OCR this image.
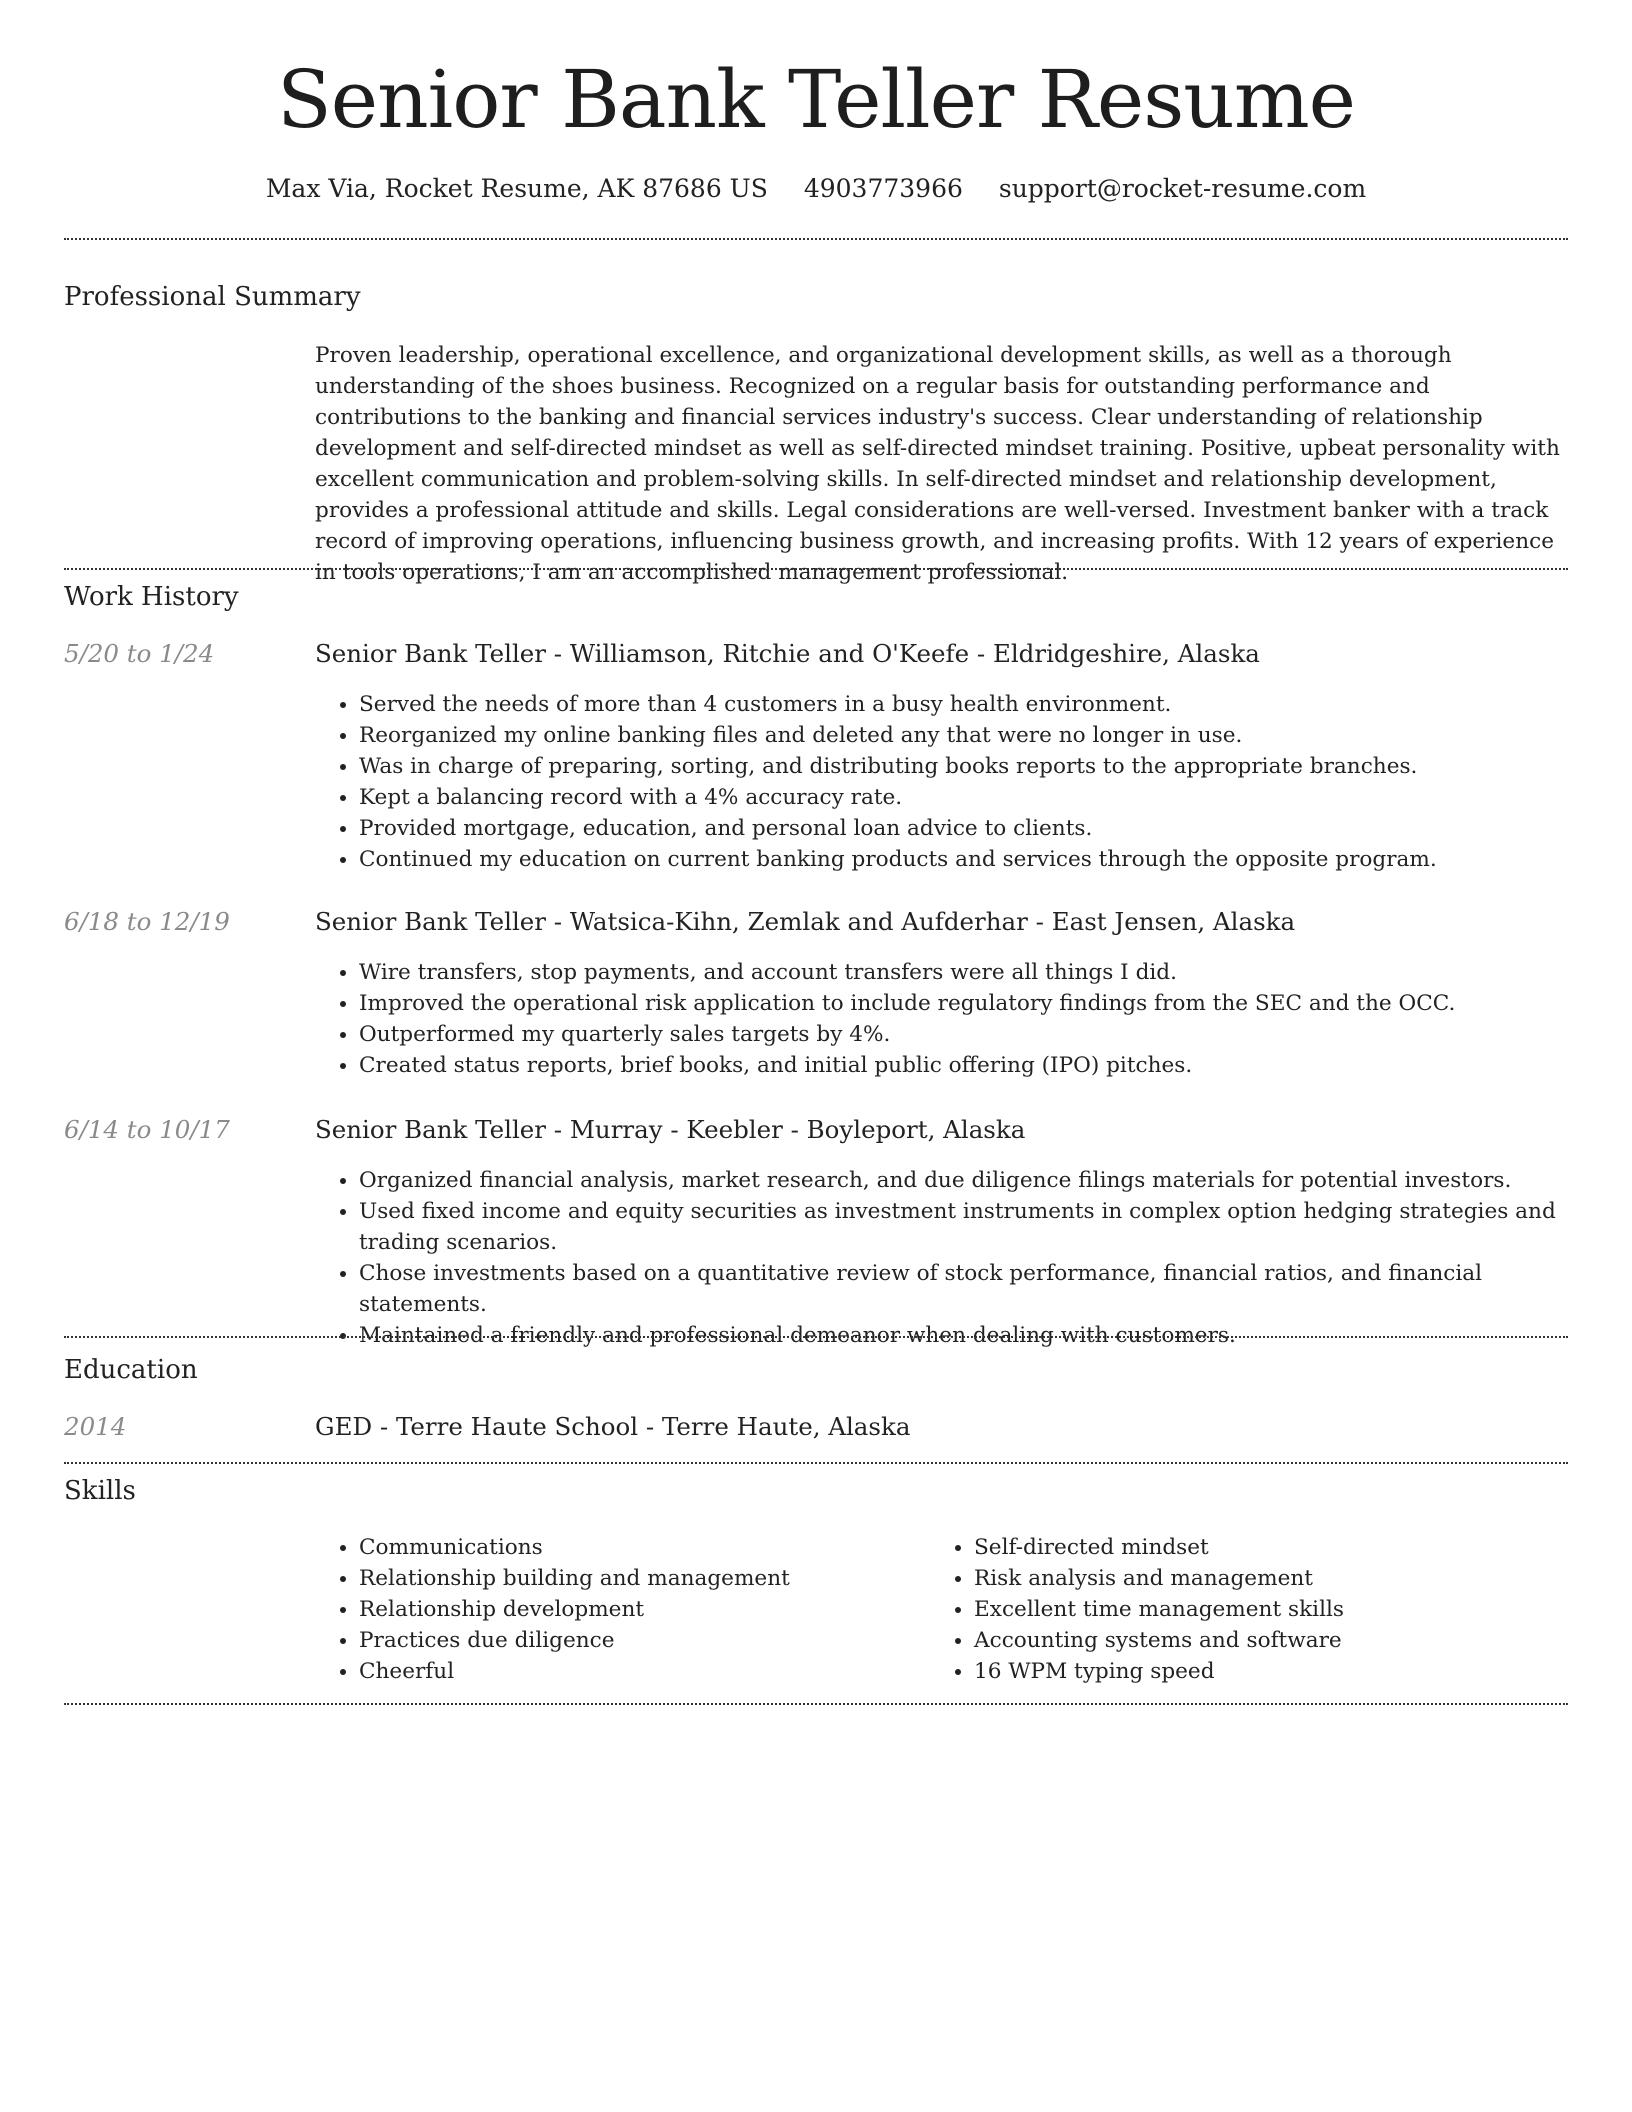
Senior Bank Teller Resume
Max Via, Rocket Resume, AK 87686 US 4903773966 support@rocket-resume.com
Professional Summary

Proven leadership, operational excellence, and organizational development skills, as well as a thorough understanding of the shoes business. Recognized on a regular basis for outstanding performance and contributions to the banking and financial services industry's success. Clear understanding of relationship development and self-directed mindset as well as self-directed mindset training. Positive, upbeat personality with excellent communication and problem-solving skills. In self-directed mindset and relationship development, provides a professional attitude and skills. Legal considerations are well-versed. Investment banker with a track record of improving operations, influencing business growth, and increasing profits. With 12 years of experience in tools operations, I am an accomplished management professional.

Work History
5/20 to 1/24	Senior Bank Teller - Williamson, Ritchie and O'Keefe - Eldridgeshire, Alaska
• Served the needs of more than 4 customers in a busy health environment.
• Reorganized my online banking files and deleted any that were no longer in use.
• Was in charge of preparing, sorting, and distributing books reports to the appropriate branches.
• Kept a balancing record with a 4% accuracy rate.
• Provided mortgage, education, and personal loan advice to clients.
• Continued my education on current banking products and services through the opposite program.
6/18 to 12/19	Senior Bank Teller - Watsica-Kihn, Zemlak and Aufderhar - East Jensen, Alaska
• Wire transfers, stop payments, and account transfers were all things I did.
• Improved the operational risk application to include regulatory findings from the SEC and the OCC.
• Outperformed my quarterly sales targets by 4%.
• Created status reports, brief books, and initial public offering (IPO) pitches.
6/14 to 10/17	Senior Bank Teller - Murray - Keebler - Boyleport, Alaska
• Organized financial analysis, market research, and due diligence filings materials for potential investors.
• Used fixed income and equity securities as investment instruments in complex option hedging strategies and trading scenarios.
• Chose investments based on a quantitative review of stock performance, financial ratios, and financial statements.
• Maintained a friendly and professional demeanor when dealing with customers.
Education
2014	GED - Terre Haute School - Terre Haute, Alaska
Skills
• Communications
• Relationship building and management
• Relationship development
• Practices due diligence
• Cheerful
• Self-directed mindset
• Risk analysis and management
• Excellent time management skills
• Accounting systems and software
• 16 WPM typing speed
